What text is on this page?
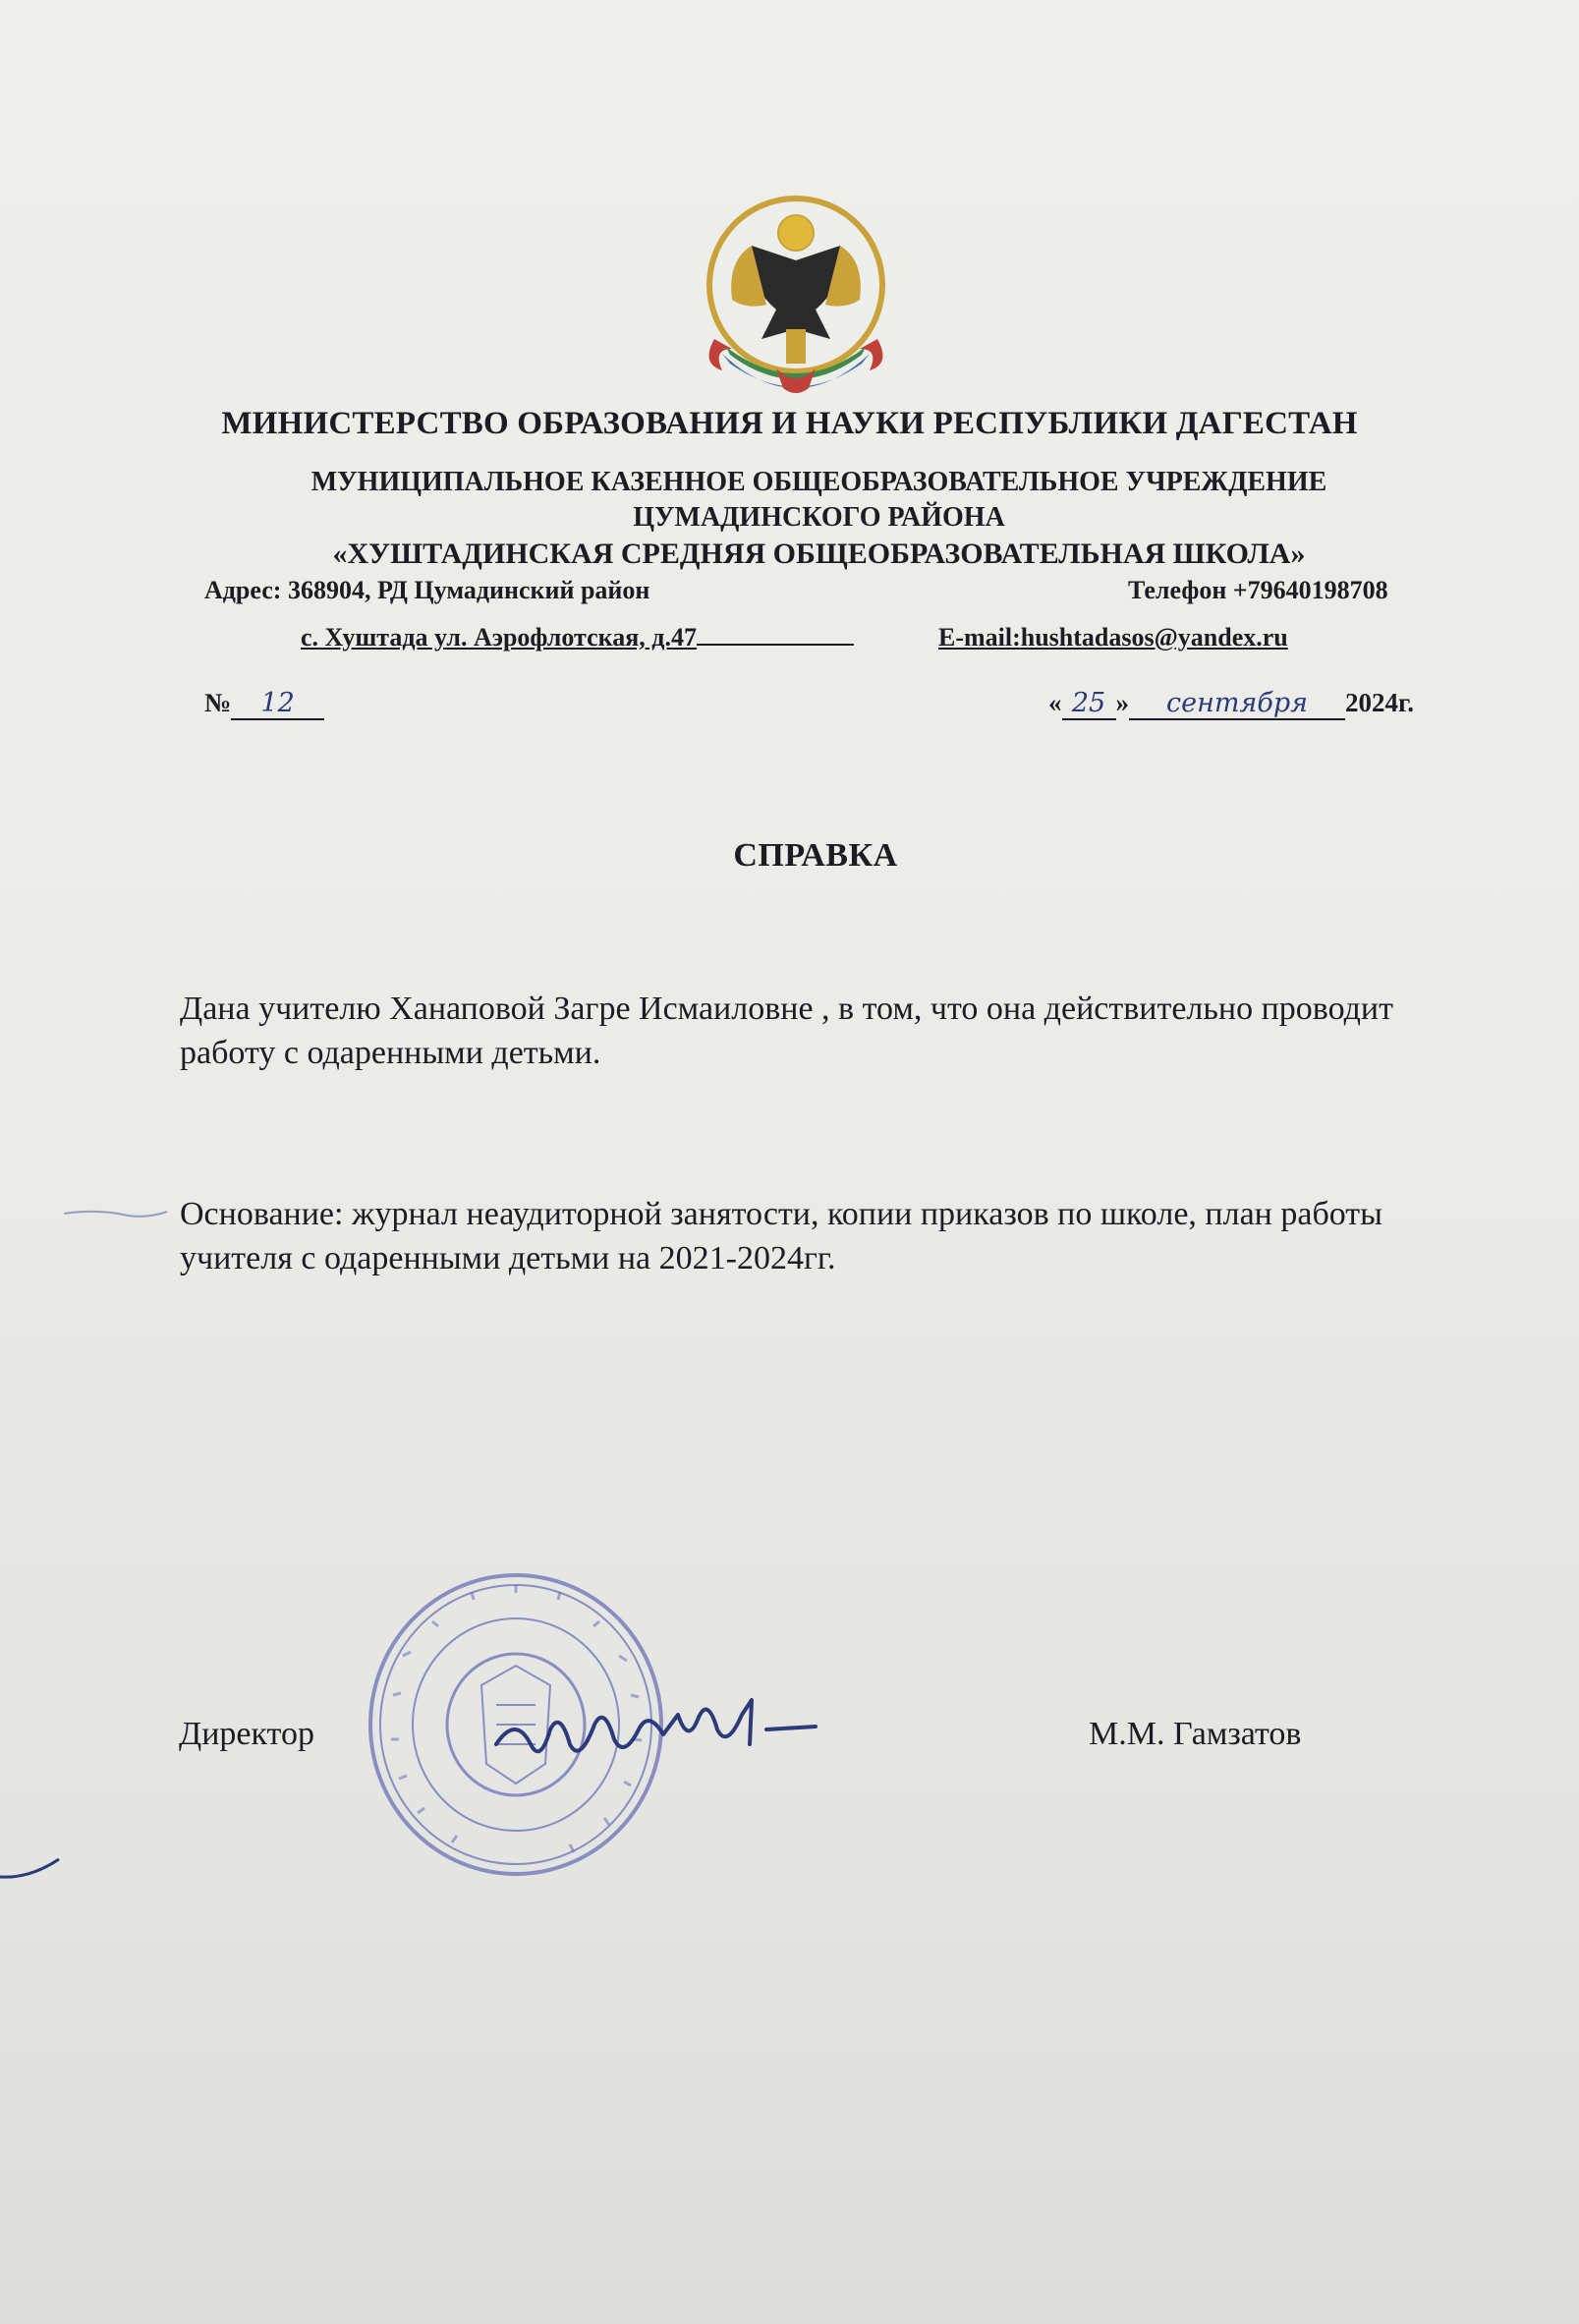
МИНИСТЕРСТВО ОБРАЗОВАНИЯ И НАУКИ РЕСПУБЛИКИ ДАГЕСТАН
МУНИЦИПАЛЬНОЕ КАЗЕННОЕ ОБЩЕОБРАЗОВАТЕЛЬНОЕ УЧРЕЖДЕНИЕ
ЦУМАДИНСКОГО РАЙОНА
«ХУШТАДИНСКАЯ СРЕДНЯЯ ОБЩЕОБРАЗОВАТЕЛЬНАЯ ШКОЛА»
Адрес: 368904, РД Цумадинский район	Телефон +79640198708
с. Хуштада ул. Аэрофлотская, д.47	E-mail:hushtadasos@yandex.ru
№ 12	« 25 » сентября 2024г.
СПРАВКА
Дана учителю Ханаповой Загре Исмаиловне , в том, что она действительно проводит работу с одаренными детьми.
Основание: журнал неаудиторной занятости, копии приказов по школе, план работы учителя с одаренными детьми на 2021-2024гг.
Директор	М.М. Гамзатов
